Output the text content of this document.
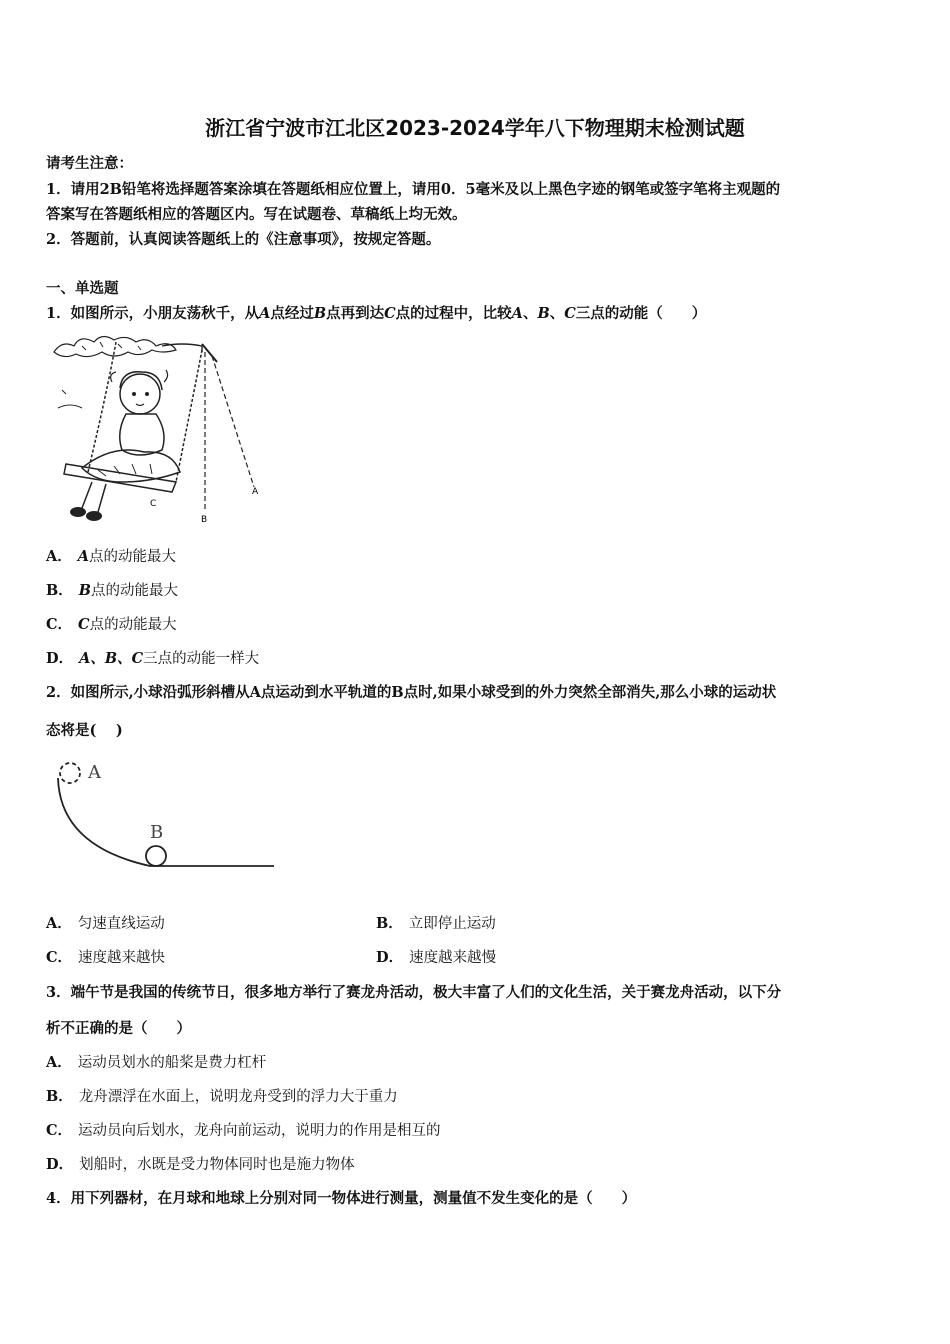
浙江省宁波市江北区2023-2024学年八下物理期末检测试题
请考生注意：
1．请用2B铅笔将选择题答案涂填在答题纸相应位置上，请用0．5毫米及以上黑色字迹的钢笔或签字笔将主观题的
答案写在答题纸相应的答题区内。写在试题卷、草稿纸上均无效。
2．答题前，认真阅读答题纸上的《注意事项》，按规定答题。
一、单选题
1．如图所示，小朋友荡秋千，从A点经过B点再到达C点的过程中，比较A、B、C三点的动能（　　）
C
B
A
A． A点的动能最大
B． B点的动能最大
C． C点的动能最大
D． A、B、C三点的动能一样大
2．如图所示,小球沿弧形斜槽从A点运动到水平轨道的B点时,如果小球受到的外力突然全部消失,那么小球的运动状
态将是(　 )
A
B
A． 匀速直线运动	B． 立即停止运动
C． 速度越来越快	D． 速度越来越慢
3．端午节是我国的传统节日，很多地方举行了赛龙舟活动，极大丰富了人们的文化生活，关于赛龙舟活动，以下分
析不正确的是（　　）
A． 运动员划水的船桨是费力杠杆
B． 龙舟漂浮在水面上，说明龙舟受到的浮力大于重力
C． 运动员向后划水，龙舟向前运动，说明力的作用是相互的
D． 划船时，水既是受力物体同时也是施力物体
4．用下列器材，在月球和地球上分别对同一物体进行测量，测量值不发生变化的是（　　）
